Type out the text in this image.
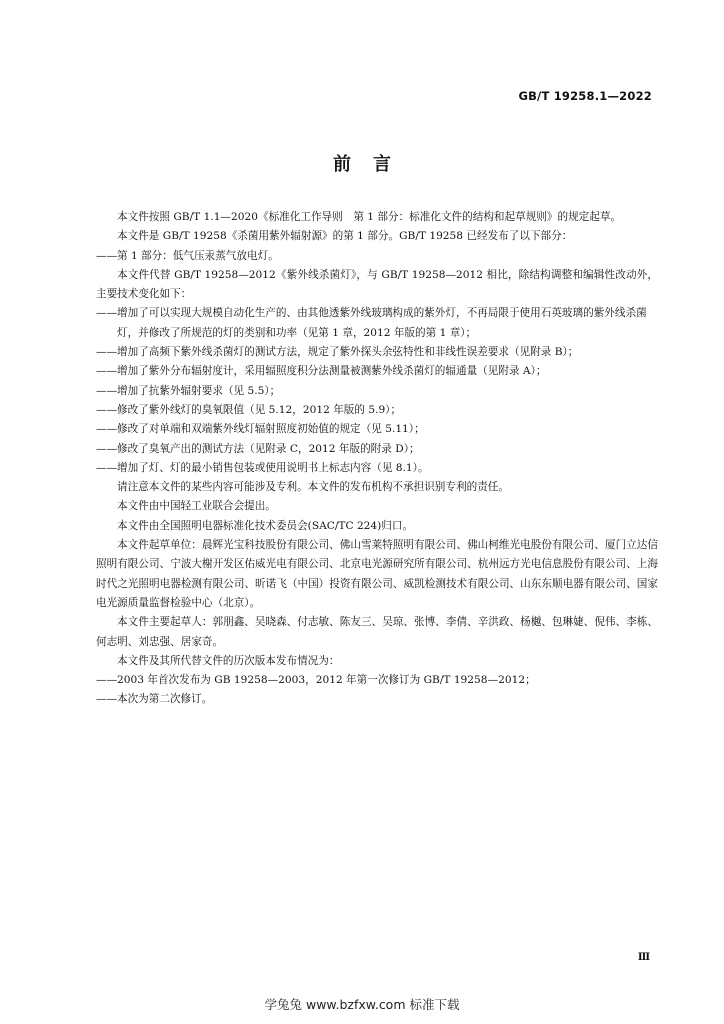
GB/T 19258.1—2022
前言
本文件按照 GB/T 1.1—2020《标准化工作导则　第 1 部分：标准化文件的结构和起草规则》的规定起草。
本文件是 GB/T 19258《杀菌用紫外辐射源》的第 1 部分。GB/T 19258 已经发布了以下部分：
——第 1 部分：低气压汞蒸气放电灯。
本文件代替 GB/T 19258—2012《紫外线杀菌灯》，与 GB/T 19258—2012 相比，除结构调整和编辑性改动外，主要技术变化如下：
——增加了可以实现大规模自动化生产的、由其他透紫外线玻璃构成的紫外灯，不再局限于使用石英玻璃的紫外线杀菌灯，并修改了所规范的灯的类别和功率（见第 1 章，2012 年版的第 1 章）；
——增加了高频下紫外线杀菌灯的测试方法，规定了紫外探头余弦特性和非线性误差要求（见附录 B）；
——增加了紫外分布辐射度计，采用辐照度积分法测量被测紫外线杀菌灯的辐通量（见附录 A）；
——增加了抗紫外辐射要求（见 5.5）；
——修改了紫外线灯的臭氧限值（见 5.12，2012 年版的 5.9）；
——修改了对单端和双端紫外线灯辐射照度初始值的规定（见 5.11）；
——修改了臭氧产出的测试方法（见附录 C，2012 年版的附录 D）；
——增加了灯、灯的最小销售包装或使用说明书上标志内容（见 8.1）。
请注意本文件的某些内容可能涉及专利。本文件的发布机构不承担识别专利的责任。
本文件由中国轻工业联合会提出。
本文件由全国照明电器标准化技术委员会(SAC/TC 224)归口。
本文件起草单位：晨辉光宝科技股份有限公司、佛山雪莱特照明有限公司、佛山柯维光电股份有限公司、厦门立达信照明有限公司、宁波大榭开发区佑威光电有限公司、北京电光源研究所有限公司、杭州远方光电信息股份有限公司、上海时代之光照明电器检测有限公司、昕诺飞（中国）投资有限公司、威凯检测技术有限公司、山东东顺电器有限公司、国家电光源质量监督检验中心（北京）。
本文件主要起草人：郭朋鑫、吴晓森、付志敏、陈友三、吴琼、张博、李倩、辛洪政、杨樾、包琳婕、倪伟、李栋、何志明、刘忠强、居家奇。
本文件及其所代替文件的历次版本发布情况为：
——2003 年首次发布为 GB 19258—2003，2012 年第一次修订为 GB/T 19258—2012；
——本次为第二次修订。
Ⅲ
学兔兔 www.bzfxw.com 标准下载
